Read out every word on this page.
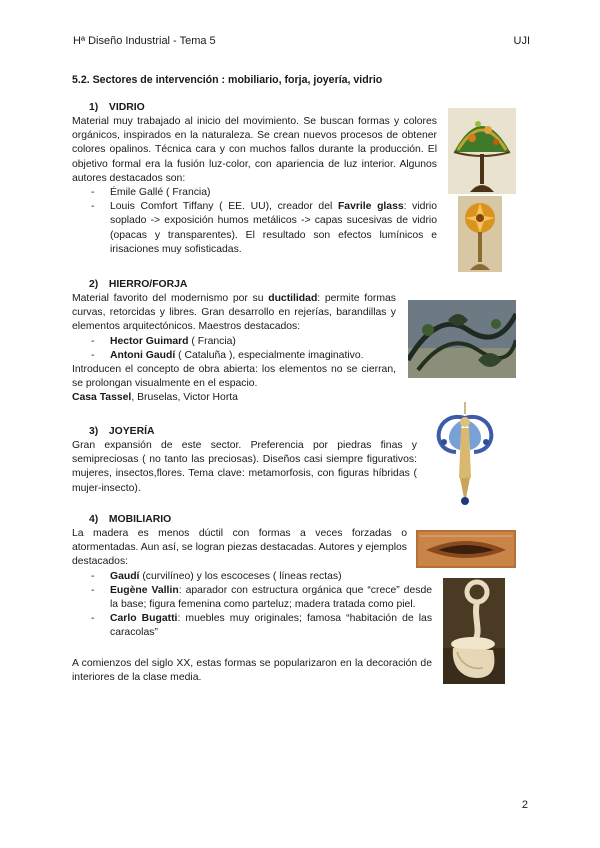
Hª Diseño Industrial - Tema 5	UJI
5.2. Sectores de intervención : mobiliario, forja, joyería, vidrio
1) VIDRIO

Material muy trabajado al inicio del movimiento. Se buscan formas y colores orgánicos, inspirados en la naturaleza. Se crean nuevos procesos de obtener colores opalinos. Técnica cara y con muchos fallos durante la producción. El objetivo formal era la fusión luz-color, con apariencia de luz interior. Algunos autores destacados son:

- Émile Gallé ( Francia)
- Louis Comfort Tiffany ( EE. UU), creador del Favrile glass: vidrio soplado -> exposición humos metálicos -> capas sucesivas de vidrio (opacas y transparentes). El resultado son efectos lumínicos e irisaciones muy sofisticadas.
2) HIERRO/FORJA

Material favorito del modernismo por su ductilidad: permite formas curvas, retorcidas y libres. Gran desarrollo en rejerías, barandillas y elementos arquitectónicos. Maestros destacados:

- Hector Guimard ( Francia)
- Antoni Gaudí ( Cataluña ), especialmente imaginativo.

Introducen el concepto de obra abierta: los elementos no se cierran, se prolongan visualmente en el espacio.

Casa Tassel, Bruselas, Victor Horta

3) JOYERÍA

Gran expansión de este sector. Preferencia por piedras finas y semipreciosas ( no tanto las preciosas). Diseños casi siempre figurativos: mujeres, insectos,flores. Tema clave: metamorfosis, con figuras híbridas ( mujer-insecto).

4) MOBILIARIO

La madera es menos dúctil con formas a veces forzadas o atormentadas. Aun así, se logran piezas destacadas. Autores y ejemplos destacados:

- Gaudí (curvilíneo) y los escoceses ( líneas rectas)
- Eugène Vallin: aparador con estructura orgánica que “crece” desde la base; figura femenina como parteluz; madera tratada como piel.
- Carlo Bugatti: muebles muy originales; famosa “habitación de las caracolas”

A comienzos del siglo XX, estas formas se popularizaron en la decoración de interiores de la clase media.

2
